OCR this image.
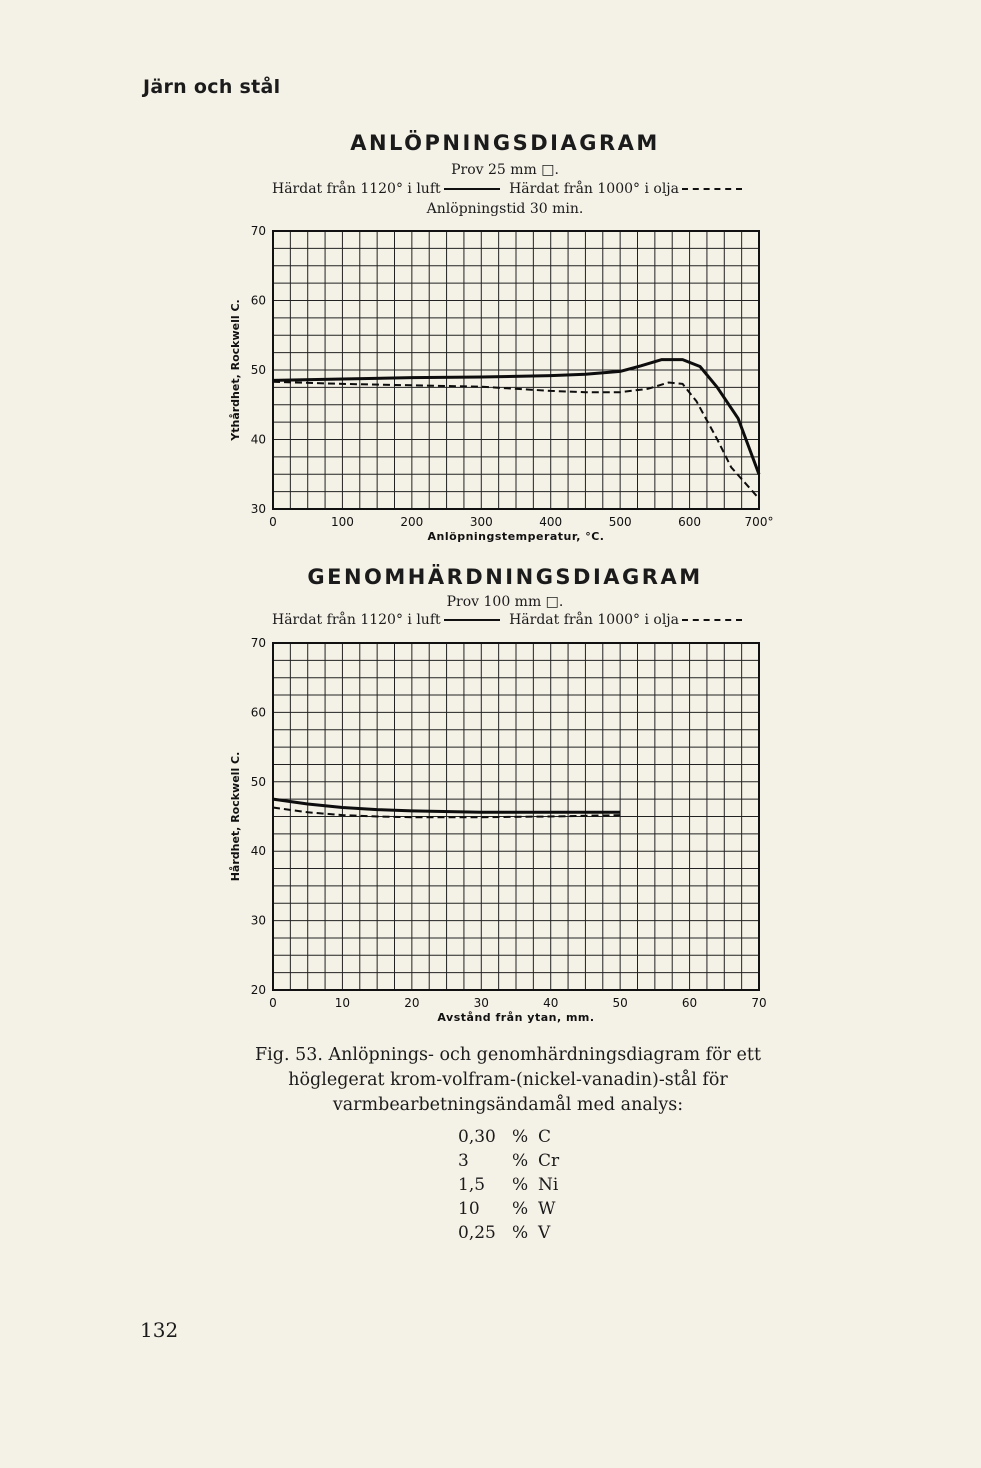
Järn och stål
ANLÖPNINGSDIAGRAM
Prov 25 mm □.
Härdat från 1120° i luft	Härdat från 1000° i olja
Anlöpningstid 30 min.
0	100	200	300	400	500	600	700°
30
40
50
60
70
Anlöpningstemperatur, °C.
Ythårdhet, Rockwell C.
GENOMHÄRDNINGSDIAGRAM
Prov 100 mm □.
Härdat från 1120° i luft	Härdat från 1000° i olja
0	10	20	30	40	50	60	70
20
30
40
50
60
70
Avstånd från ytan, mm.
Hårdhet, Rockwell C.
Fig. 53. Anlöpnings- och genomhärdningsdiagram för ett höglegerat krom-volfram-(nickel-vanadin)-stål för varmbearbetningsändamål med analys:
0,30 % C
3	% Cr
1,5	% Ni
10	% W
0,25 % V
132
